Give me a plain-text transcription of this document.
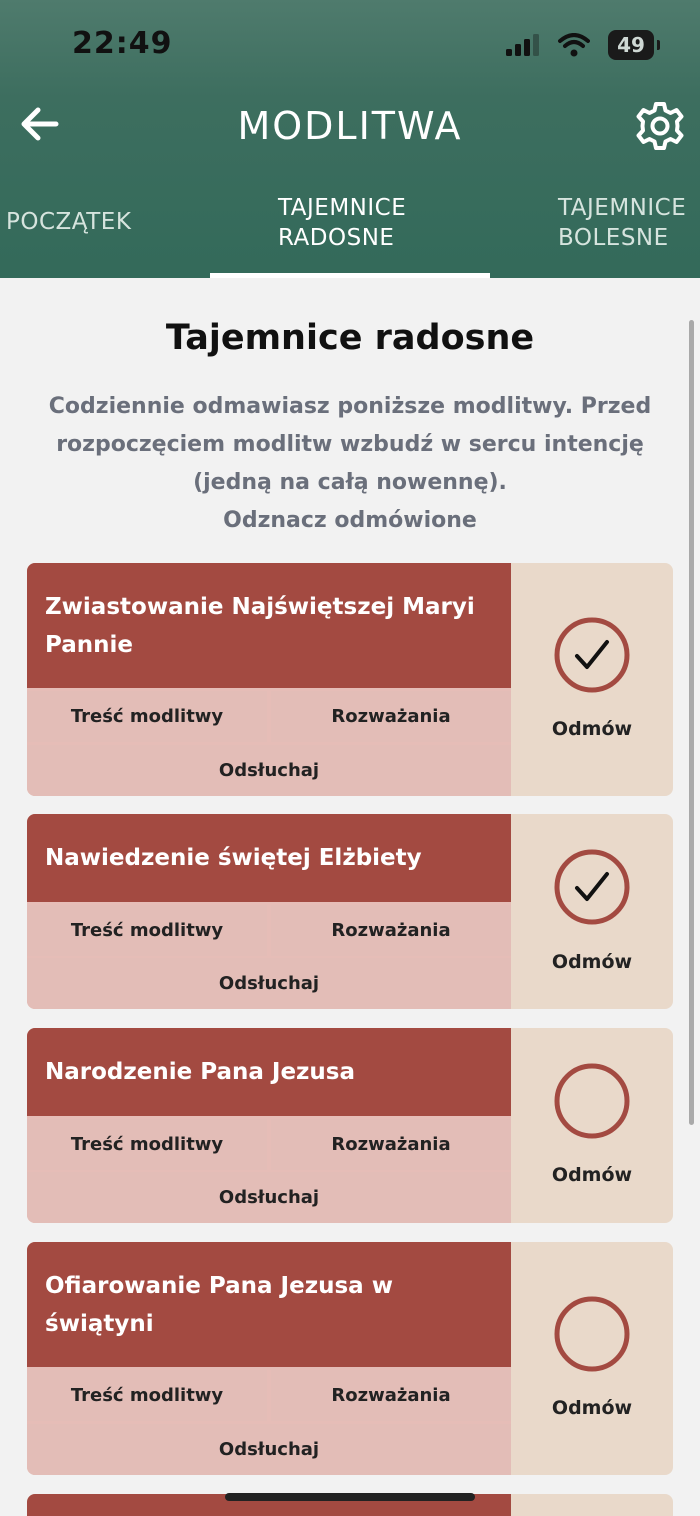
22:49	49
MODLITWA
POCZĄTEK
TAJEMNICE
RADOSNE
TAJEMNICE
BOLESNE
Tajemnice radosne
Codziennie odmawiasz poniższe modlitwy. Przed
rozpoczęciem modlitw wzbudź w sercu intencję
(jedną na całą nowennę).
Odznacz odmówione
Zwiastowanie Najświętszej Maryi
Pannie
Treść modlitwy	Rozważania
Odsłuchaj
Odmów
Nawiedzenie świętej Elżbiety
Treść modlitwy	Rozważania
Odsłuchaj
Odmów
Narodzenie Pana Jezusa
Treść modlitwy	Rozważania
Odsłuchaj
Odmów
Ofiarowanie Pana Jezusa w
świątyni
Treść modlitwy	Rozważania
Odsłuchaj
Odmów
